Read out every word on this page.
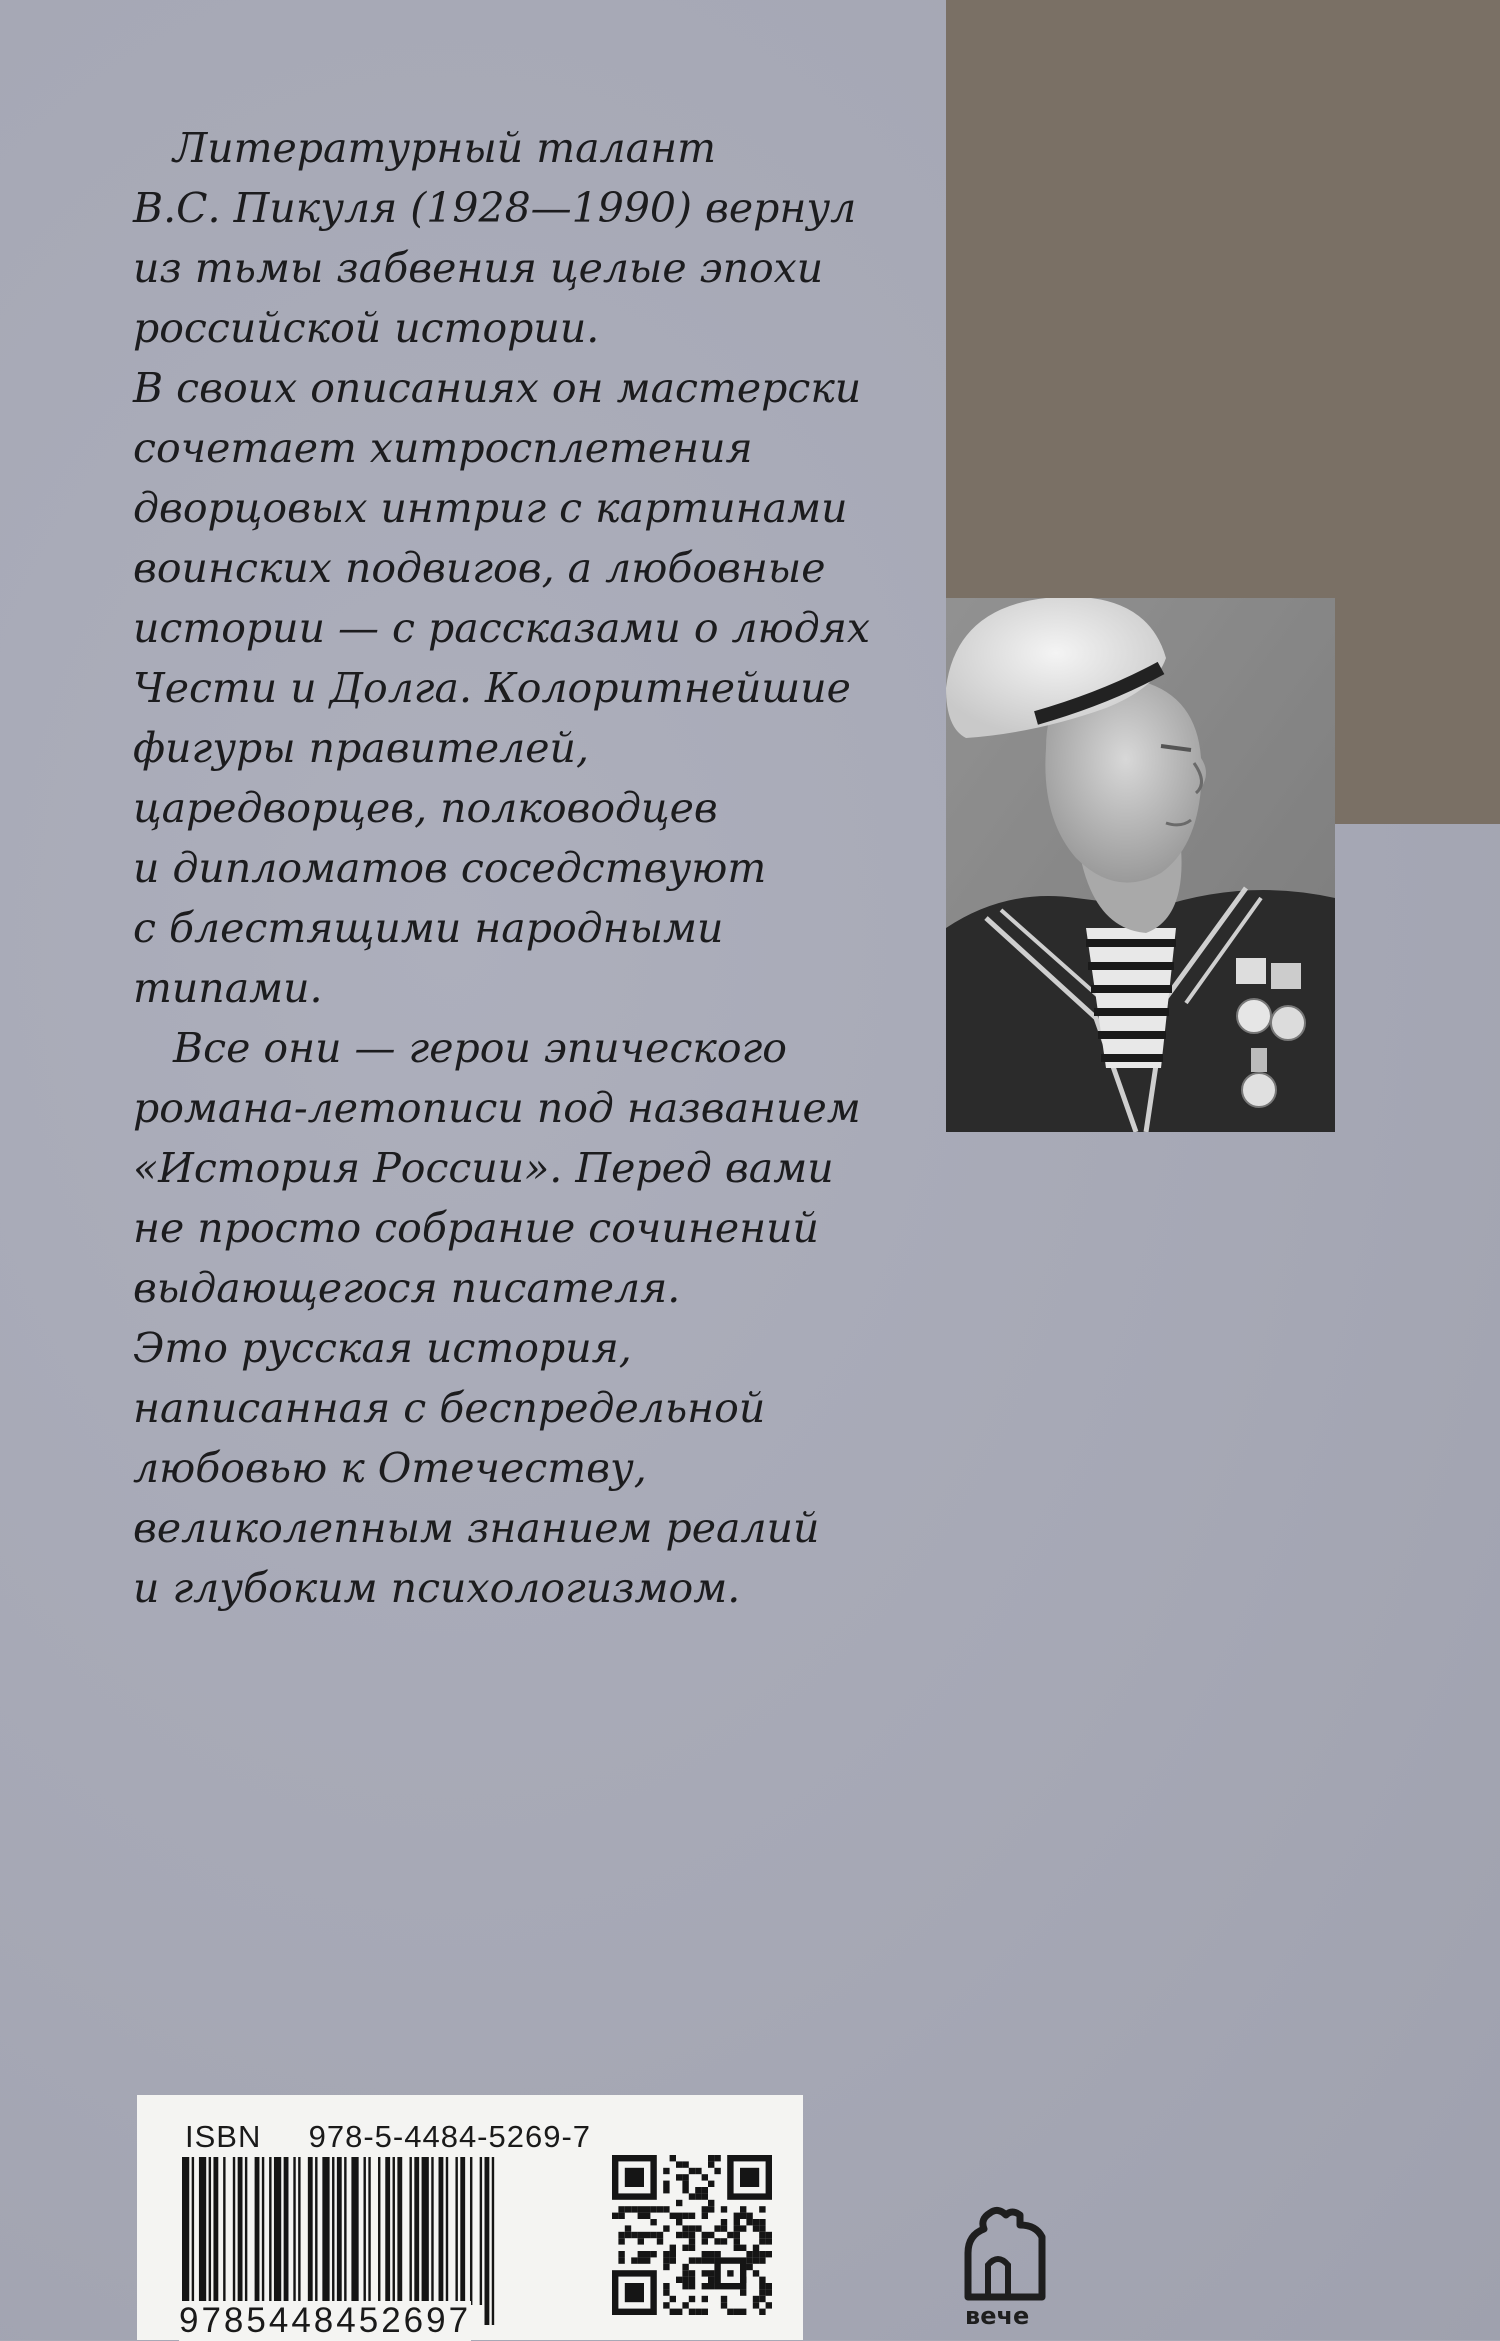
Литературный талант
В.С. Пикуля (1928—1990) вернул
из тьмы забвения целые эпохи
российской истории.
В своих описаниях он мастерски
сочетает хитросплетения
дворцовых интриг с картинами
воинских подвигов, а любовные
истории — с рассказами о людях
Чести и Долга. Колоритнейшие
фигуры правителей,
царедворцев, полководцев
и дипломатов соседствуют
с блестящими народными
типами.

Все они — герои эпического
романа-летописи под названием
«История России». Перед вами
не просто собрание сочинений
выдающегося писателя.
Это русская история,
написанная с беспредельной
любовью к Отечеству,
великолепным знанием реалий
и глубоким психологизмом.

ISBN 978-5-4484-5269-7
9785448452697	вече
